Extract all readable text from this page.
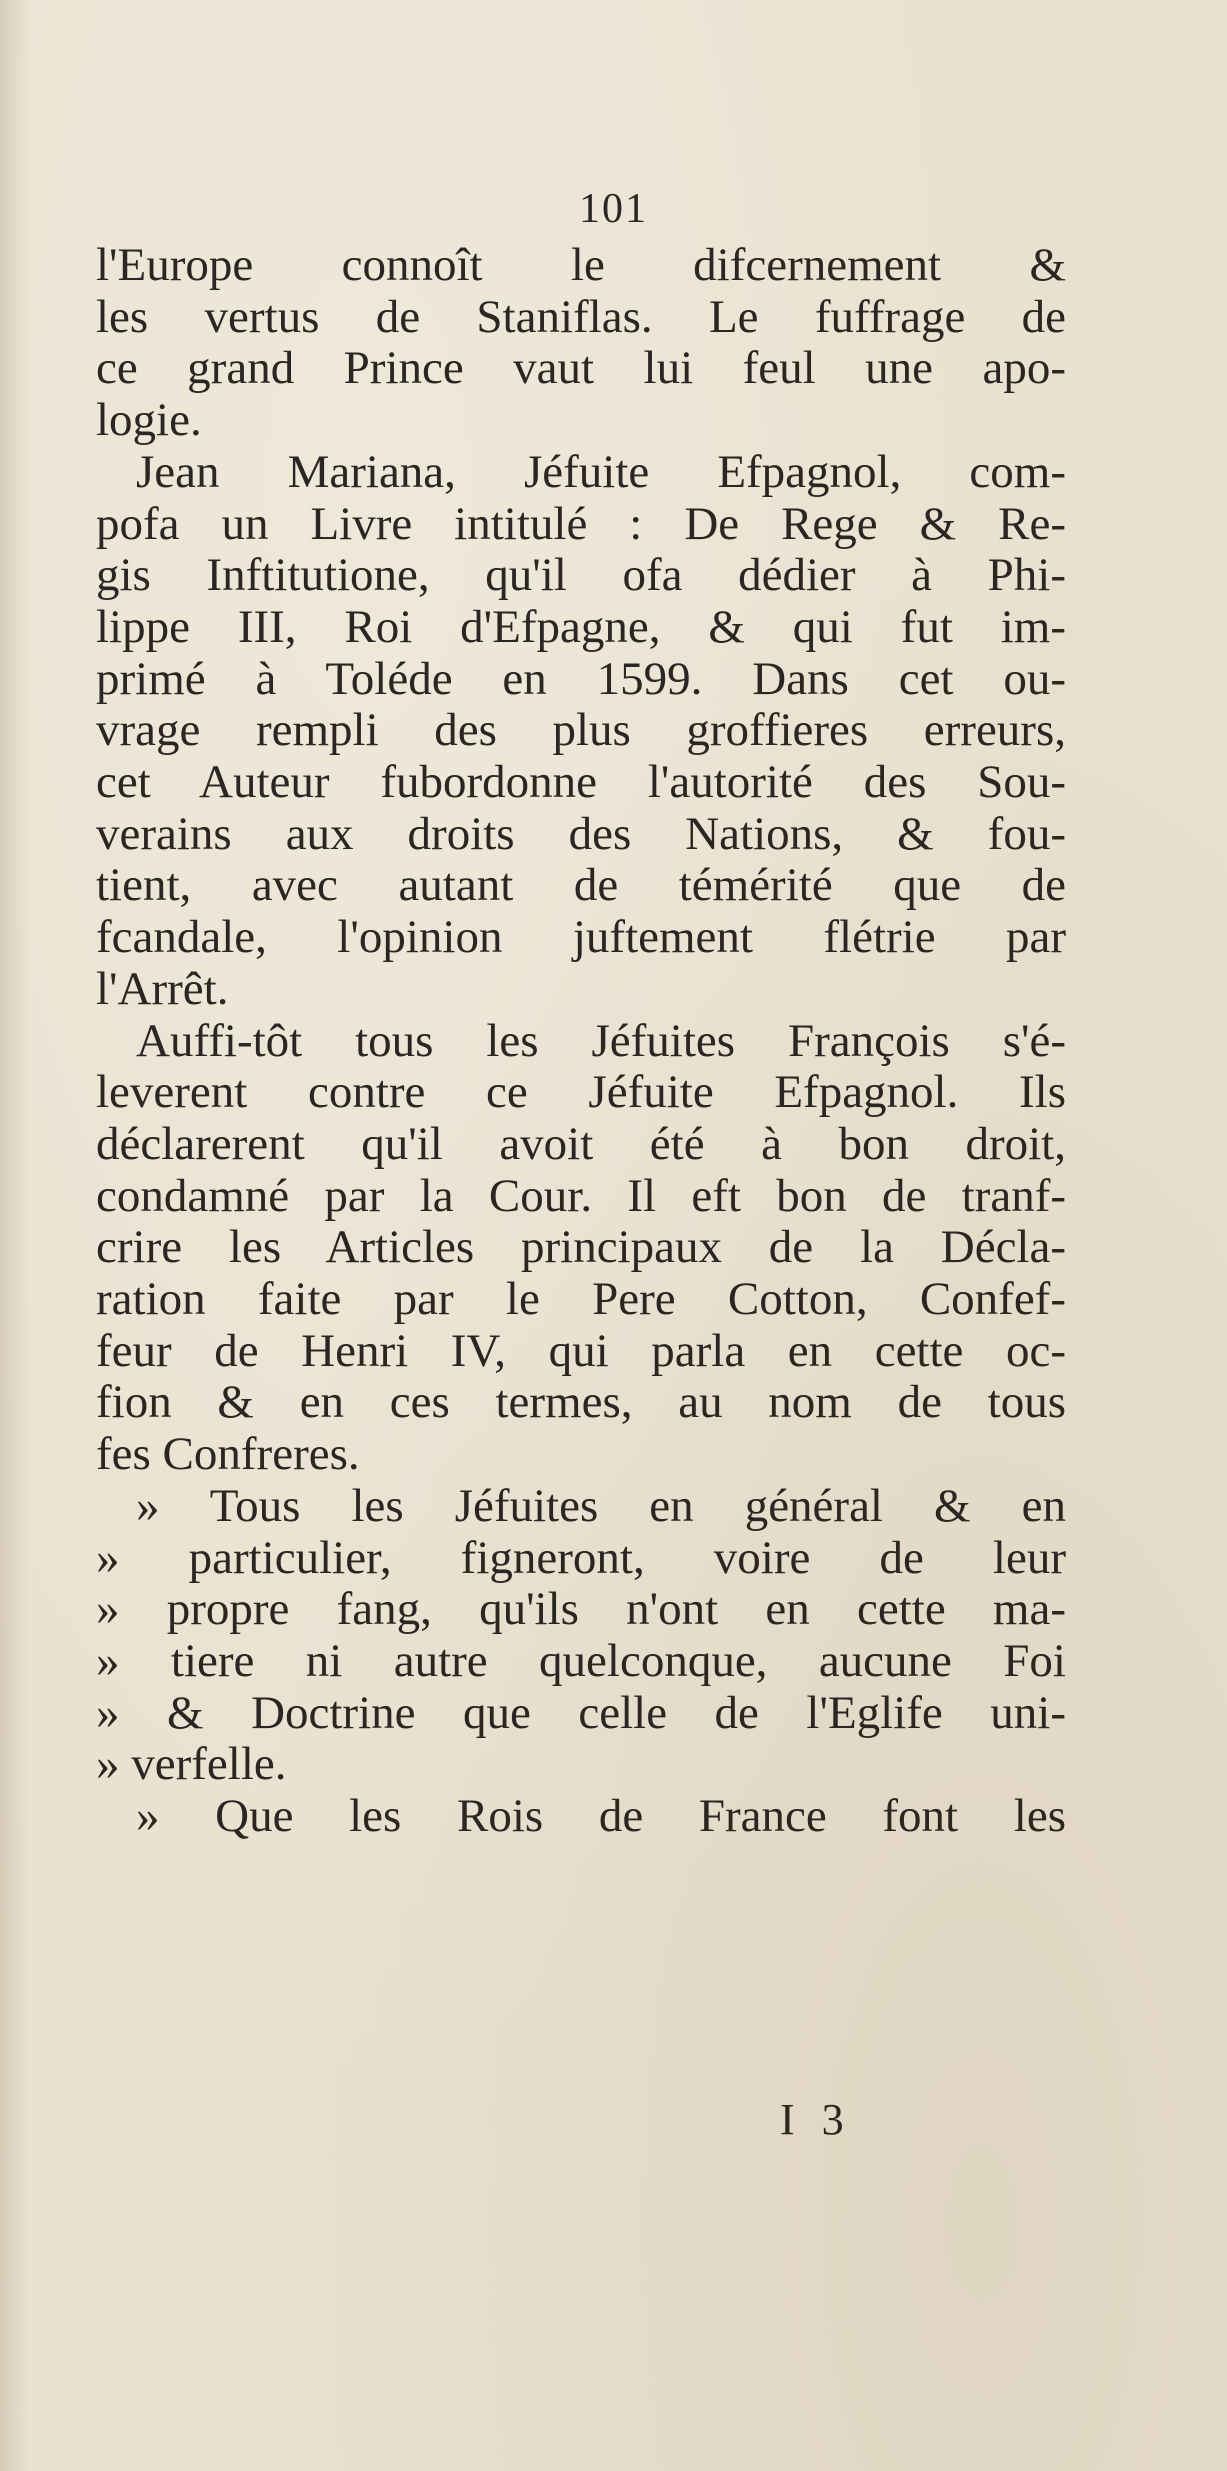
101
l'Europe connoît le difcernement &
les vertus de Staniflas. Le fuffrage de
ce grand Prince vaut lui feul une apo-
logie.
Jean Mariana, Jéfuite Efpagnol, com-
pofa un Livre intitulé : De Rege & Re-
gis Inftitutione, qu'il ofa dédier à Phi-
lippe III, Roi d'Efpagne, & qui fut im-
primé à Toléde en 1599. Dans cet ou-
vrage rempli des plus groffieres erreurs,
cet Auteur fubordonne l'autorité des Sou-
verains aux droits des Nations, & fou-
tient, avec autant de témérité que de
fcandale, l'opinion juftement flétrie par
l'Arrêt.
Auffi-tôt tous les Jéfuites François s'é-
leverent contre ce Jéfuite Efpagnol. Ils
déclarerent qu'il avoit été à bon droit,
condamné par la Cour. Il eft bon de tranf-
crire les Articles principaux de la Décla-
ration faite par le Pere Cotton, Confef-
feur de Henri IV, qui parla en cette oc-
fion & en ces termes, au nom de tous
fes Confreres.
» Tous les Jéfuites en général & en
» particulier, figneront, voire de leur
» propre fang, qu'ils n'ont en cette ma-
» tiere ni autre quelconque, aucune Foi
» & Doctrine que celle de l'Eglife uni-
» verfelle.
» Que les Rois de France font les
I 3
